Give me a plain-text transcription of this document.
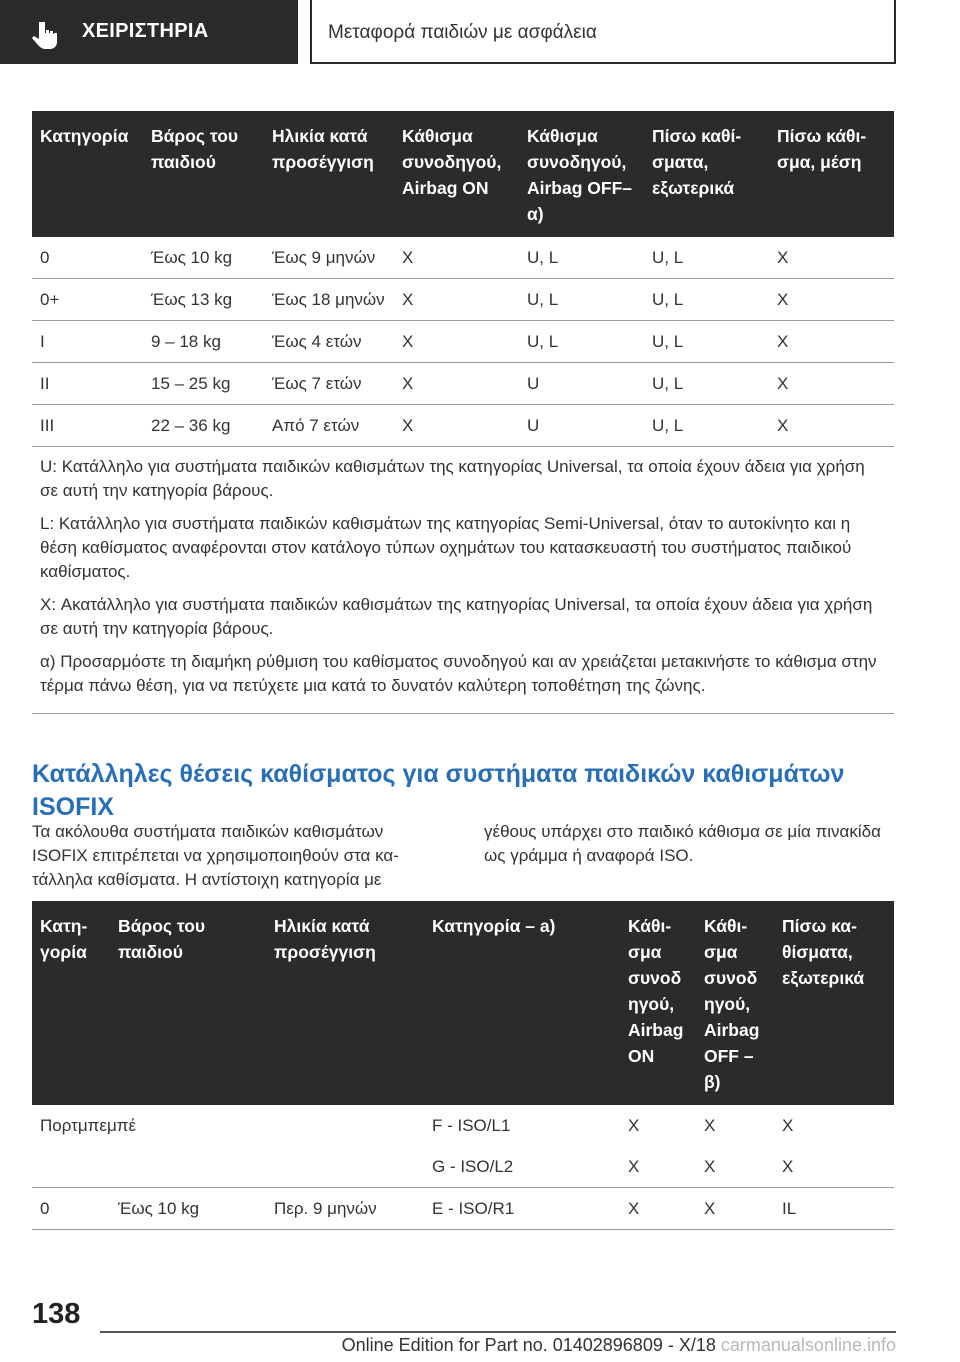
ΧΕΙΡΙΣΤΗΡΙΑ	Μεταφορά παιδιών με ασφάλεια
Κατηγορία	Βάρος του παιδιού	Ηλικία κατά προσέγγιση	Κάθισμα συνοδηγού, Airbag ON	Κάθισμα συνοδηγού, Airbag OFF– α)	Πίσω καθίσματα, εξωτερικά	Πίσω κάθισμα, μέση
0	Έως 10 kg	Έως 9 μηνών	X	U, L	U, L	X
0+	Έως 13 kg	Έως 18 μηνών	X	U, L	U, L	X
I	9 – 18 kg	Έως 4 ετών	X	U, L	U, L	X
II	15 – 25 kg	Έως 7 ετών	X	U	U, L	X
III	22 – 36 kg	Από 7 ετών	X	U	U, L	X

U: Κατάλληλο για συστήματα παιδικών καθισμάτων της κατηγορίας Universal, τα οποία έχουν άδεια για χρήση σε αυτή την κατηγορία βάρους.

L: Κατάλληλο για συστήματα παιδικών καθισμάτων της κατηγορίας Semi-Universal, όταν το αυτοκίνητο και η θέση καθίσματος αναφέρονται στον κατάλογο τύπων οχημάτων του κατασκευαστή του συστήματος παιδικού καθίσματος.

X: Ακατάλληλο για συστήματα παιδικών καθισμάτων της κατηγορίας Universal, τα οποία έχουν άδεια για χρήση σε αυτή την κατηγορία βάρους.

α) Προσαρμόστε τη διαμήκη ρύθμιση του καθίσματος συνοδηγού και αν χρειάζεται μετακινήστε το κάθισμα στην τέρμα πάνω θέση, για να πετύχετε μια κατά το δυνατόν καλύτερη τοποθέτηση της ζώνης.						

Κατάλληλες θέσεις καθίσματος για συστήματα παιδικών καθισμάτων ISOFIX
Τα ακόλουθα συστήματα παιδικών καθισμάτων ISOFIX επιτρέπεται να χρησιμοποιηθούν στα κατάλληλα καθίσματα. Η αντίστοιχη κατηγορία με
γέθους υπάρχει στο παιδικό κάθισμα σε μία πινακίδα ως γράμμα ή αναφορά ISO.
Κατηγορία	Βάρος του παιδιού	Ηλικία κατά προσέγγιση	Κατηγορία – a)	Κάθισμα συνοδ ηγού, Airbag ON	Κάθισμα συνοδ ηγού, Airbag OFF – β)	Πίσω καθίσματα, εξωτερικά
Πορτμπεμπέ			F - ISO/L1	X	X	X
			G - ISO/L2	X	X	X
0	Έως 10 kg	Περ. 9 μηνών	E - ISO/R1	X	X	IL
138
Online Edition for Part no. 01402896809 - X/18 carmanualsonline.info
